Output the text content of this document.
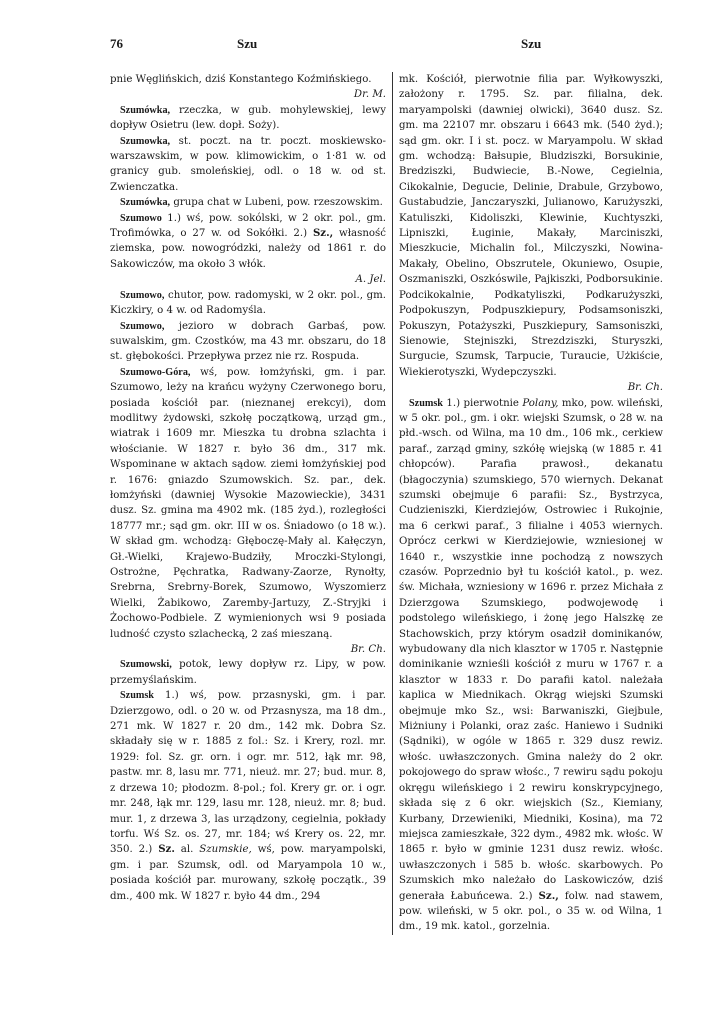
76	Szu	Szu

pnie Węglińskich, dziś Konstantego Koźmińskiego.
Dr. M.

Szumówka, rzeczka, w gub. mohylewskiej, lewy dopływ Osietru (lew. dopł. Soży).

Szumowka, st. poczt. na tr. poczt. moskiewsko-warszawskim, w pow. klimowickim, o 1·81 w. od granicy gub. smoleńskiej, odl. o 18 w. od st. Zwienczatka.

Szumówka, grupa chat w Lubeni, pow. rzeszowskim.

Szumowo 1.) wś, pow. sokólski, w 2 okr. pol., gm. Trofimówka, o 27 w. od Sokółki. 2.) Sz., własność ziemska, pow. nowogródzki, należy od 1861 r. do Sakowiczów, ma około 3 włók.
A. Jel.

Szumowo, chutor, pow. radomyski, w 2 okr. pol., gm. Kiczkiry, o 4 w. od Radomyśla.

Szumowo, jezioro w dobrach Garbaś, pow. suwalskim, gm. Czostków, ma 43 mr. obszaru, do 18 st. głębokości. Przepływa przez nie rz. Rospuda.

Szumowo-Góra, wś, pow. łomżyński, gm. i par. Szumowo, leży na krańcu wyżyny Czerwonego boru, posiada kościół par. (nieznanej erekcyi), dom modlitwy żydowski, szkołę początkową, urząd gm., wiatrak i 1609 mr. Mieszka tu drobna szlachta i włościanie. W 1827 r. było 36 dm., 317 mk. Wspominane w aktach sądow. ziemi łomżyńskiej pod r. 1676: gniazdo Szumowskich. Sz. par., dek. łomżyński (dawniej Wysokie Mazowieckie), 3431 dusz. Sz. gmina ma 4902 mk. (185 żyd.), rozległości 18777 mr.; sąd gm. okr. III w os. Śniadowo (o 18 w.). W skład gm. wchodzą: Głęboczę-Mały al. Kałęczyn, Gł.-Wielki, Krajewo-Budziły, Mroczki-Stylongi, Ostrożne, Pęchratka, Radwany-Zaorze, Rynołty, Srebrna, Srebrny-Borek, Szumowo, Wyszomierz Wielki, Żabikowo, Zaremby-Jartuzy, Z.-Stryjki i Żochowo-Podbiele. Z wymienionych wsi 9 posiada ludność czysto szlachecką, 2 zaś mieszaną.
Br. Ch.

Szumowski, potok, lewy dopływ rz. Lipy, w pow. przemyślańskim.

Szumsk 1.) wś, pow. przasnyski, gm. i par. Dzierzgowo, odl. o 20 w. od Przasnysza, ma 18 dm., 271 mk. W 1827 r. 20 dm., 142 mk. Dobra Sz. składały się w r. 1885 z fol.: Sz. i Krery, rozl. mr. 1929: fol. Sz. gr. orn. i ogr. mr. 512, łąk mr. 98, pastw. mr. 8, lasu mr. 771, nieuż. mr. 27; bud. mur. 8, z drzewa 10; płodozm. 8-pol.; fol. Krery gr. or. i ogr. mr. 248, łąk mr. 129, lasu mr. 128, nieuż. mr. 8; bud. mur. 1, z drzewa 3, las urządzony, cegielnia, pokłady torfu. Wś Sz. os. 27, mr. 184; wś Krery os. 22, mr. 350. 2.) Sz. al. Szumskie, wś, pow. maryampolski, gm. i par. Szumsk, odl. od Maryampola 10 w., posiada kościół par. murowany, szkołę początk., 39 dm., 400 mk. W 1827 r. było 44 dm., 294

mk. Kościół, pierwotnie filia par. Wyłkowyszki, założony r. 1795. Sz. par. filialna, dek. maryampolski (dawniej olwicki), 3640 dusz. Sz. gm. ma 22107 mr. obszaru i 6643 mk. (540 żyd.); sąd gm. okr. I i st. pocz. w Maryampolu. W skład gm. wchodzą: Bałsupie, Bludziszki, Borsukinie, Bredziszki, Budwiecie, B.-Nowe, Cegielnia, Cikokalnie, Deguciе, Delinie, Drabule, Grzybowo, Gustabudzie, Janczaryszki, Julianowo, Karużyszki, Katuliszki, Kidoliszki, Klewinie, Kuchtyszki, Lipniszki, Ługinie, Makały, Marciniszki, Mieszkucie, Michalin fol., Milczyszki, Nowina-Makały, Obelino, Obszrutele, Okuniewo, Osupie, Oszmaniszki, Oszkóswile, Pajkiszki, Podborsukinie. Podcikokalnie, Podkatyliszki, Podkarużyszki, Podpokuszyn, Podpuszkiepury, Podsamsoniszki, Pokuszyn, Potażyszki, Puszkiepury, Samsoniszki, Sienowie, Stejniszki, Strezdziszki, Sturyszki, Surgucie, Szumsk, Tarpucie, Turaucie, Użkiście, Wiekierotyszki, Wydepczyszki.
Br. Ch.

Szumsk 1.) pierwotnie Polany, mko, pow. wileński, w 5 okr. pol., gm. i okr. wiejski Szumsk, o 28 w. na płd.-wsch. od Wilna, ma 10 dm., 106 mk., cerkiew paraf., zarząd gminy, szkółę wiejską (w 1885 r. 41 chłopców). Parafia prawosł., dekanatu (błagoczynia) szumskiego, 570 wiernych. Dekanat szumski obejmuje 6 parafii: Sz., Bystrzyca, Cudzieniszki, Kierdziejów, Ostrowiec i Rukojnie, ma 6 cerkwi paraf., 3 filialne i 4053 wiernych. Oprócz cerkwi w Kierdziejowie, wzniesionej w 1640 r., wszystkie inne pochodzą z nowszych czasów. Poprzednio był tu kościół katol., p. wez. św. Michała, wzniesiony w 1696 r. przez Michała z Dzierzgowa Szumskiego, podwojewodę i podstolego wileńskiego, i żonę jego Halszkę ze Stachowskich, przy którym osadził dominikanów, wybudowany dla nich klasztor w 1705 r. Następnie dominikanie wznieśli kościół z muru w 1767 r. a klasztor w 1833 r. Do parafii katol. należała kaplica w Miednikach. Okrąg wiejski Szumski obejmuje mko Sz., wsi: Barwaniszki, Giejbule, Miżniuny i Polanki, oraz zaśc. Haniewo i Sudniki (Sądniki), w ogóle w 1865 r. 329 dusz rewiz. włośc. uwłaszczonych. Gmina należy do 2 okr. pokojowego do spraw włośc., 7 rewiru sądu pokoju okręgu wileńskiego i 2 rewiru konskrypcyjnego, składa się z 6 okr. wiejskich (Sz., Kiemiany, Kurbany, Drzewieniki, Miedniki, Kosina), ma 72 miejsca zamieszkałe, 322 dym., 4982 mk. włośc. W 1865 r. było w gminie 1231 dusz rewiz. włośc. uwłaszczonych i 585 b. włośc. skarbowych. Po Szumskich mko należało do Laskowiczów, dziś generała Łabuńcewa. 2.) Sz., folw. nad stawem, pow. wileński, w 5 okr. pol., o 35 w. od Wilna, 1 dm., 19 mk. katol., gorzelnia.
